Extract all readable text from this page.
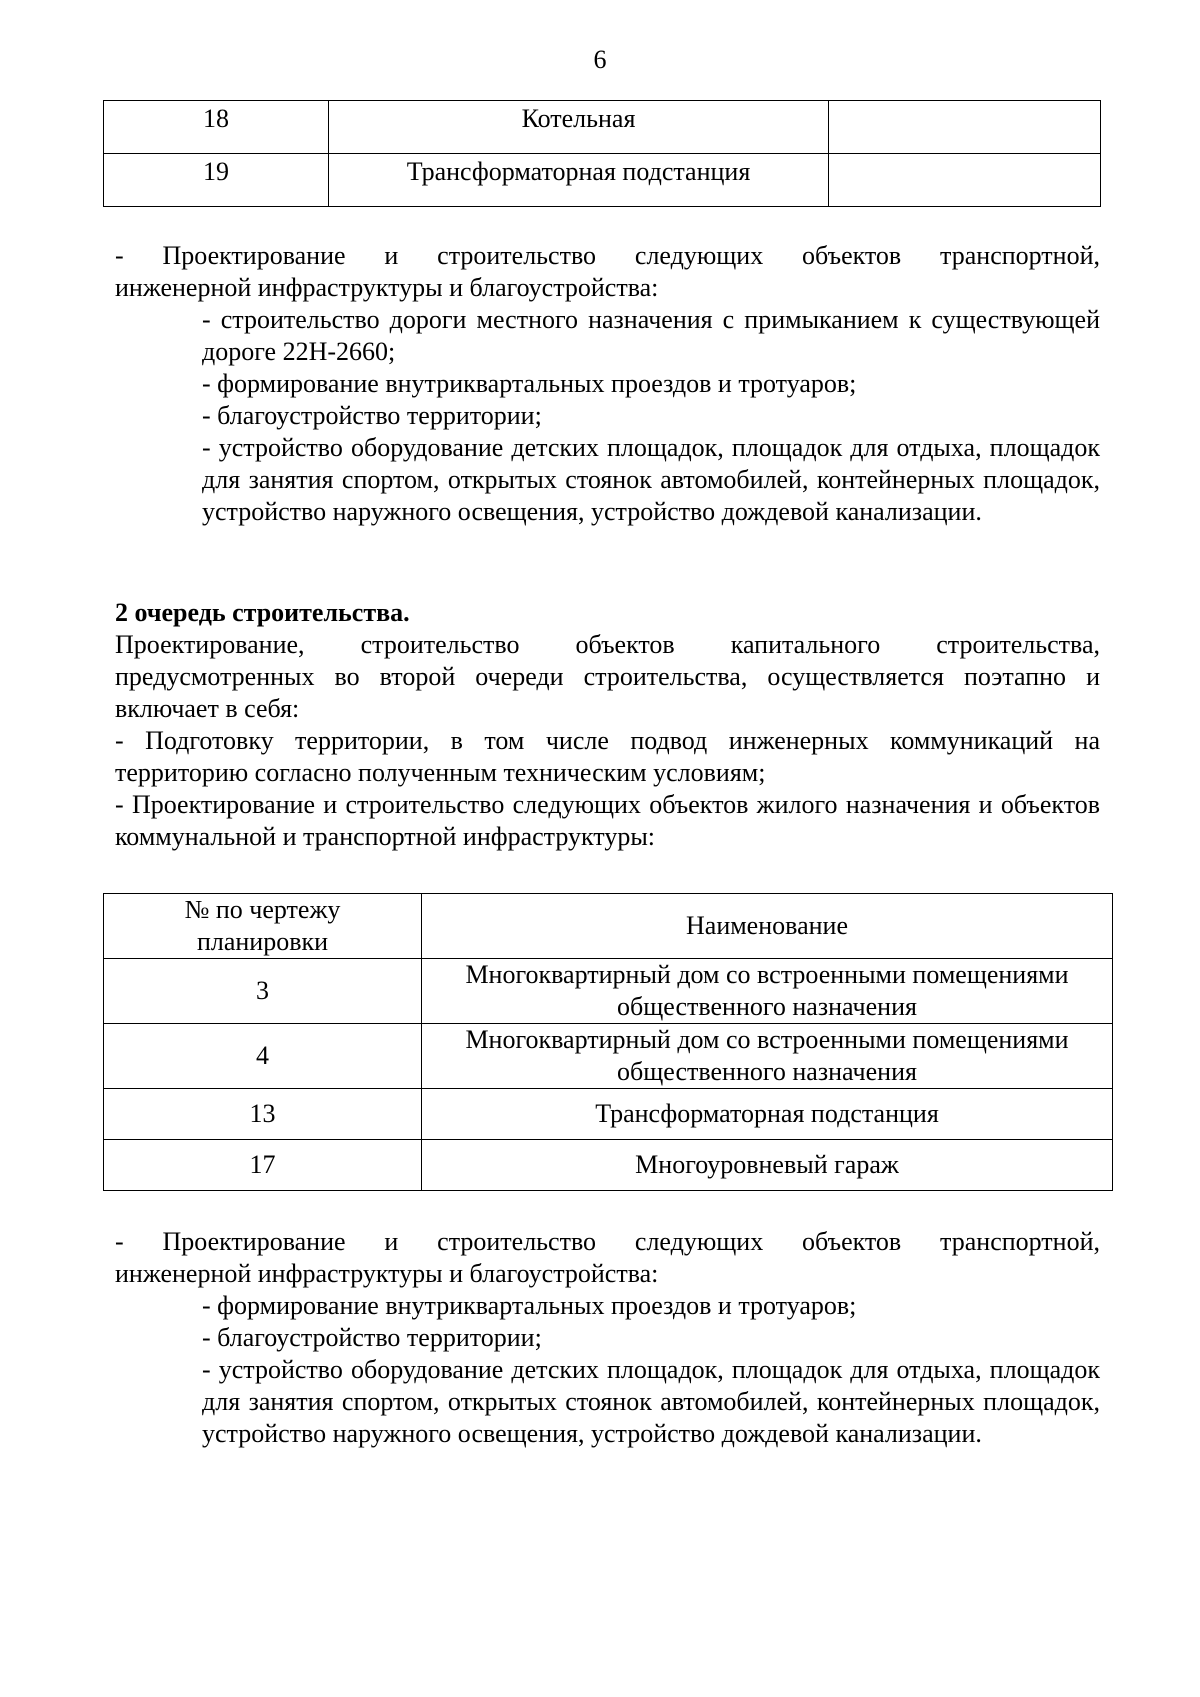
6
18	Котельная	
19	Трансформаторная подстанция	

- Проектирование и строительство следующих объектов транспортной,

инженерной инфраструктуры и благоустройства:

- строительство дороги местного назначения с примыканием к существующей дороге 22Н-2660;

- формирование внутриквартальных проездов и тротуаров;

- благоустройство территории;

- устройство оборудование детских площадок, площадок для отдыха, площадок для занятия спортом, открытых стоянок автомобилей, контейнерных площадок, устройство наружного освещения, устройство дождевой канализации.

2 очередь строительства.

Проектирование, строительство объектов капитального строительства, предусмотренных во второй очереди строительства, осуществляется поэтапно и включает в себя:

- Подготовку территории, в том числе подвод инженерных коммуникаций на территорию согласно полученным техническим условиям;

- Проектирование и строительство следующих объектов жилого назначения и объектов коммунальной и транспортной инфраструктуры:

№ по чертежу планировки	Наименование
3	Многоквартирный дом со встроенными помещениями общественного назначения
4	Многоквартирный дом со встроенными помещениями общественного назначения
13	Трансформаторная подстанция
17	Многоуровневый гараж

- Проектирование и строительство следующих объектов транспортной,

инженерной инфраструктуры и благоустройства:

- формирование внутриквартальных проездов и тротуаров;

- благоустройство территории;

- устройство оборудование детских площадок, площадок для отдыха, площадок для занятия спортом, открытых стоянок автомобилей, контейнерных площадок, устройство наружного освещения, устройство дождевой канализации.
